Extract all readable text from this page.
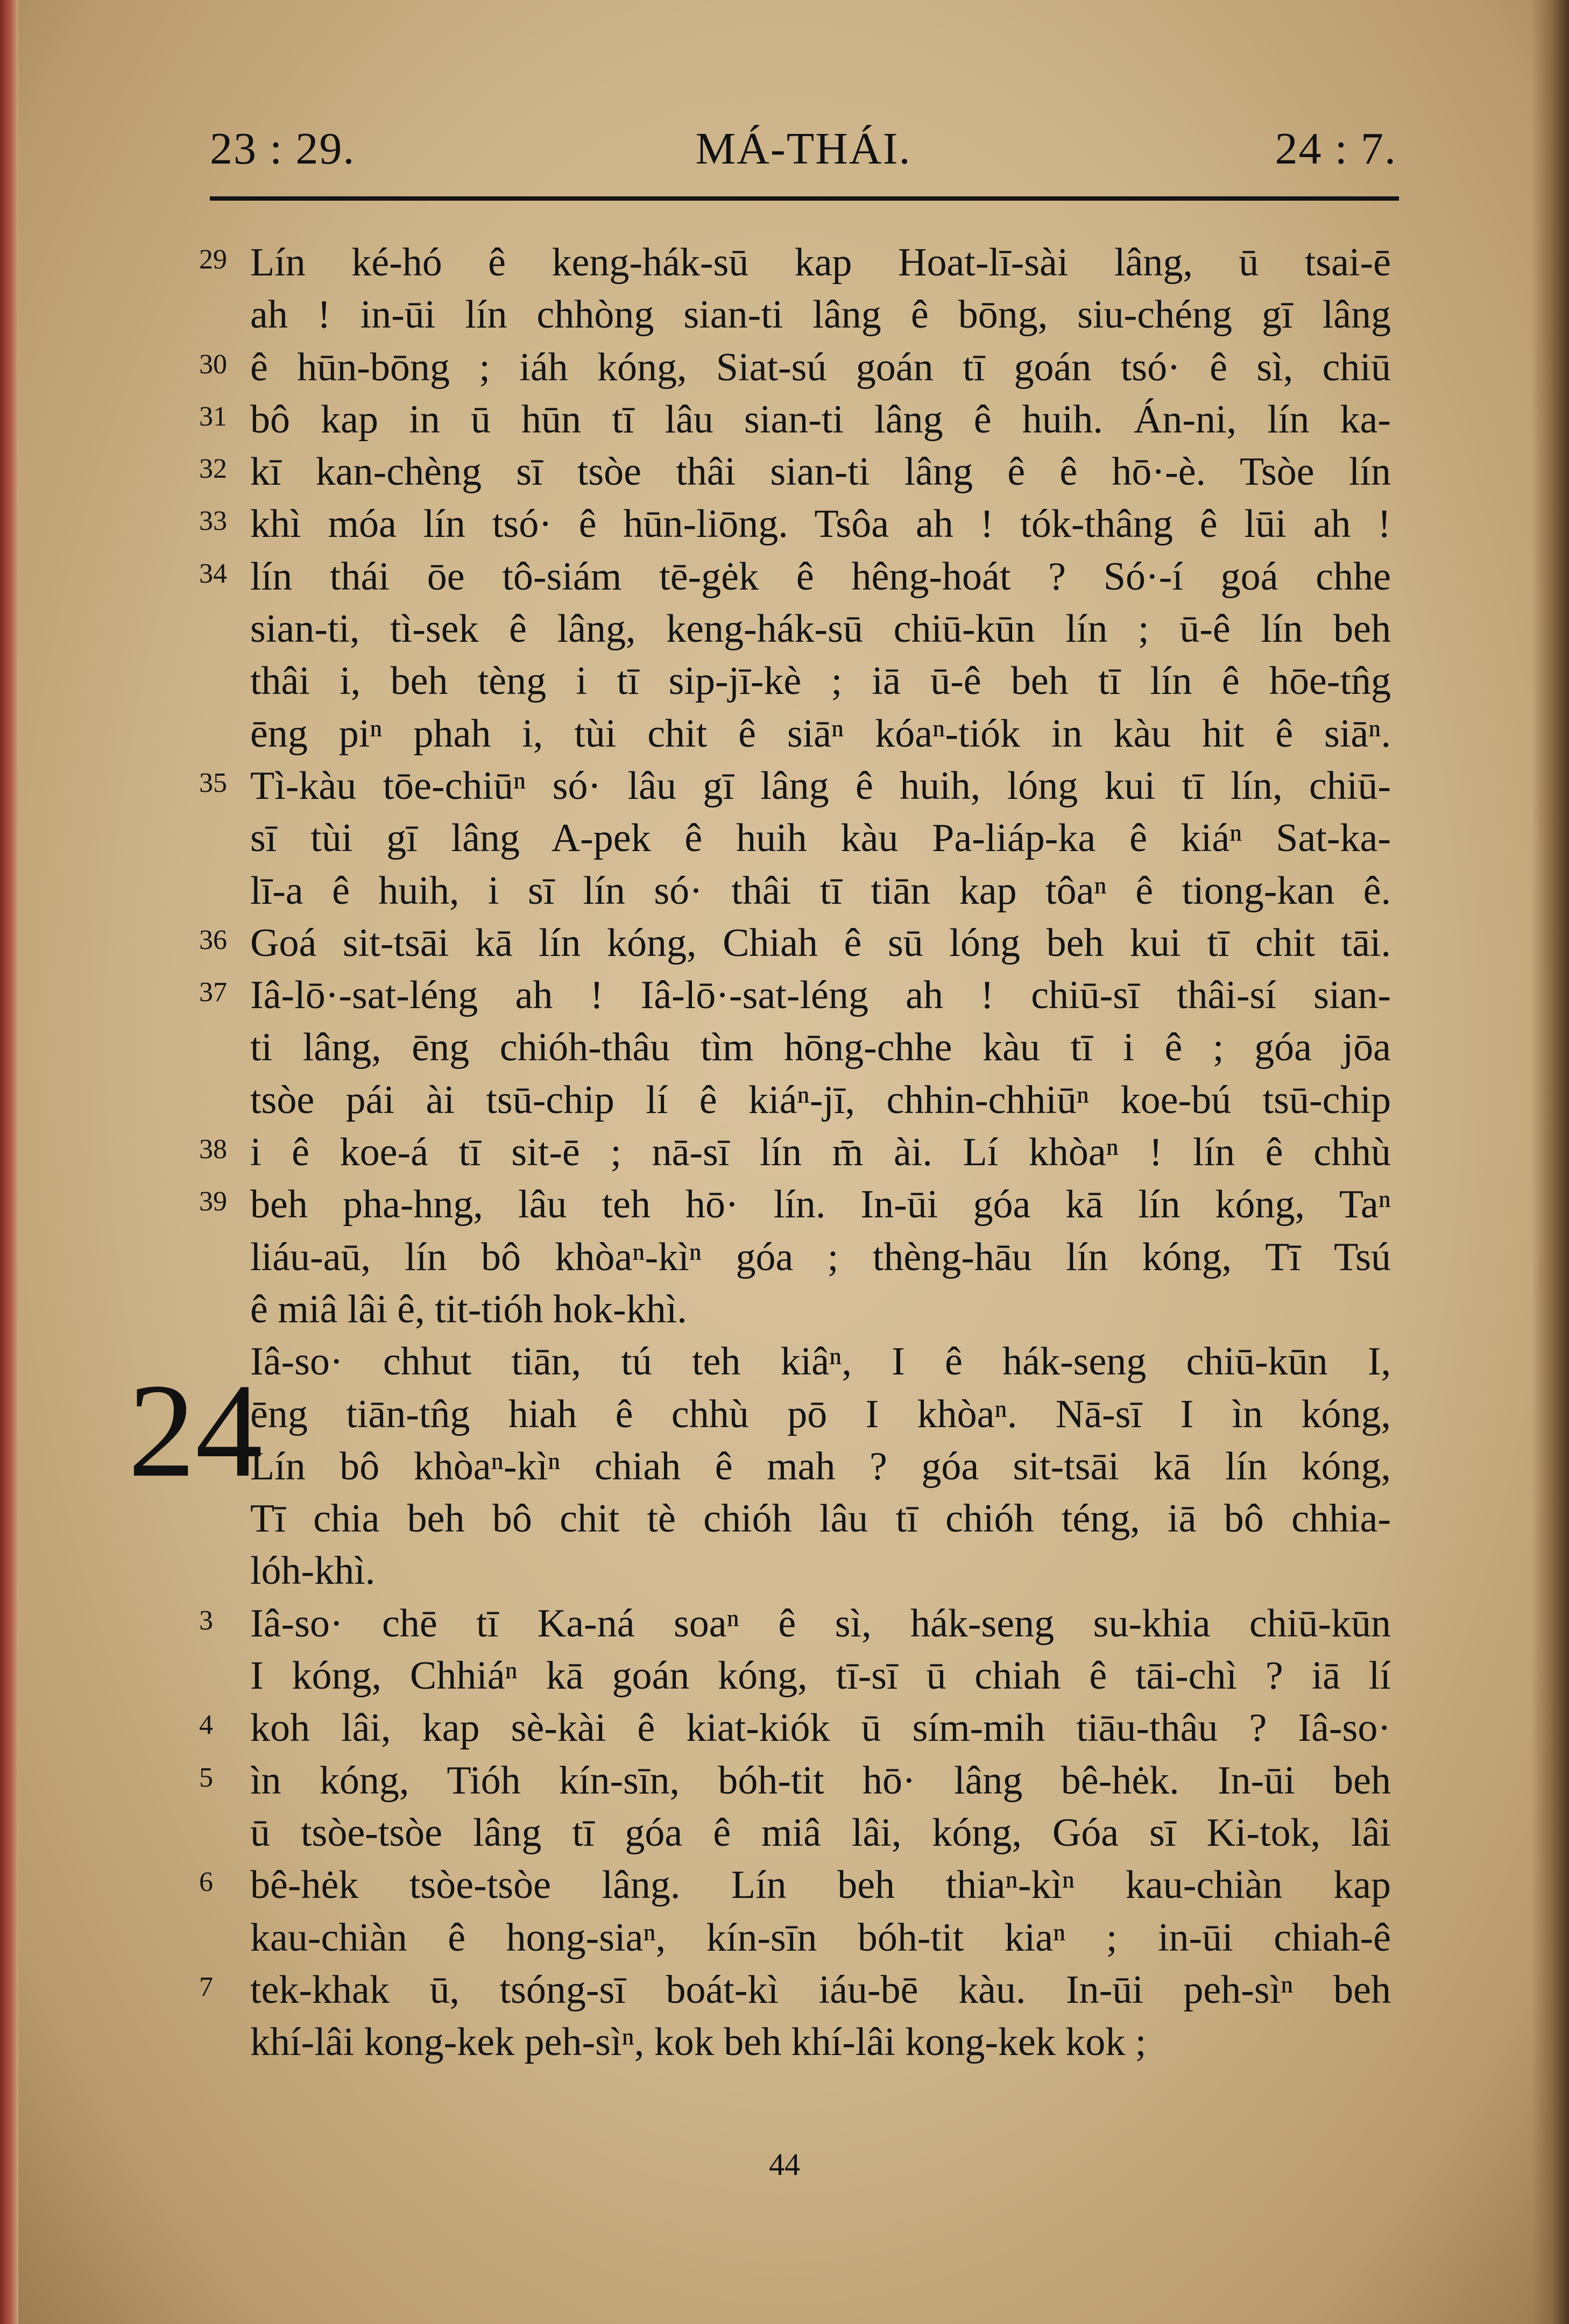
23 : 29.	MÁ-THÁI.	24 : 7.
24
29 Lín ké-hó ê keng-hák-sū kap Hoat-lī-sài lâng, ū tsai-ē
ah ! in-ūi lín chhòng sian-ti lâng ê bōng, siu-chéng gī lâng
30 ê hūn-bōng ; iáh kóng, Siat-sú goán tī goán tsó· ê sì, chiū
31 bô kap in ū hūn tī lâu sian-ti lâng ê huih. Án-ni, lín ka-
32 kī kan-chèng sī tsòe thâi sian-ti lâng ê ê hō·-è. Tsòe lín
33 khì móa lín tsó· ê hūn-liōng. Tsôa ah ! tók-thâng ê lūi ah !
34 lín thái ōe tô-siám tē-gėk ê hêng-hoát ? Só·-í goá chhe
sian-ti, tì-sek ê lâng, keng-hák-sū chiū-kūn lín ; ū-ê lín beh
thâi i, beh tèng i tī sip-jī-kè ; iā ū-ê beh tī lín ê hōe-tn̂g
ēng piⁿ phah i, tùi chit ê siāⁿ kóaⁿ-tiók in kàu hit ê siāⁿ.
35 Tì-kàu tōe-chiūⁿ só· lâu gī lâng ê huih, lóng kui tī lín, chiū-
sī tùi gī lâng A-pek ê huih kàu Pa-liáp-ka ê kiáⁿ Sat-ka-
lī-a ê huih, i sī lín só· thâi tī tiān kap tôaⁿ ê tiong-kan ê.
36 Goá sit-tsāi kā lín kóng, Chiah ê sū lóng beh kui tī chit tāi.
37 Iâ-lō·-sat-léng ah ! Iâ-lō·-sat-léng ah ! chiū-sī thâi-sí sian-
ti lâng, ēng chióh-thâu tìm hōng-chhe kàu tī i ê ; góa jōa
tsòe pái ài tsū-chip lí ê kiáⁿ-jī, chhin-chhiūⁿ koe-bú tsū-chip
38 i ê koe-á tī sit-ē ; nā-sī lín m̄ ài. Lí khòaⁿ ! lín ê chhù
39 beh pha-hng, lâu teh hō· lín. In-ūi góa kā lín kóng, Taⁿ
liáu-aū, lín bô khòaⁿ-kìⁿ góa ; thèng-hāu lín kóng, Tī Tsú
ê miâ lâi ê, tit-tióh hok-khì.
Iâ-so· chhut tiān, tú teh kiâⁿ, I ê hák-seng chiū-kūn I,
ēng tiān-tn̂g hiah ê chhù pō I khòaⁿ. Nā-sī I ìn kóng,
Lín bô khòaⁿ-kìⁿ chiah ê mah ? góa sit-tsāi kā lín kóng,
Tī chia beh bô chit tè chióh lâu tī chióh téng, iā bô chhia-
lóh-khì.
3 Iâ-so· chē tī Ka-ná soaⁿ ê sì, hák-seng su-khia chiū-kūn
I kóng, Chhiáⁿ kā goán kóng, tī-sī ū chiah ê tāi-chì ? iā lí
4 koh lâi, kap sè-kài ê kiat-kiók ū sím-mih tiāu-thâu ? Iâ-so·
5 ìn kóng, Tióh kín-sīn, bóh-tit hō· lâng bê-hėk. In-ūi beh
ū tsòe-tsòe lâng tī góa ê miâ lâi, kóng, Góa sī Ki-tok, lâi
6 bê-hėk tsòe-tsòe lâng. Lín beh thiaⁿ-kìⁿ kau-chiàn kap
kau-chiàn ê hong-siaⁿ, kín-sīn bóh-tit kiaⁿ ; in-ūi chiah-ê
7 tek-khak ū, tsóng-sī boát-kì iáu-bē kàu. In-ūi peh-sìⁿ beh
khí-lâi kong-kek peh-sìⁿ, kok beh khí-lâi kong-kek kok ;
44
